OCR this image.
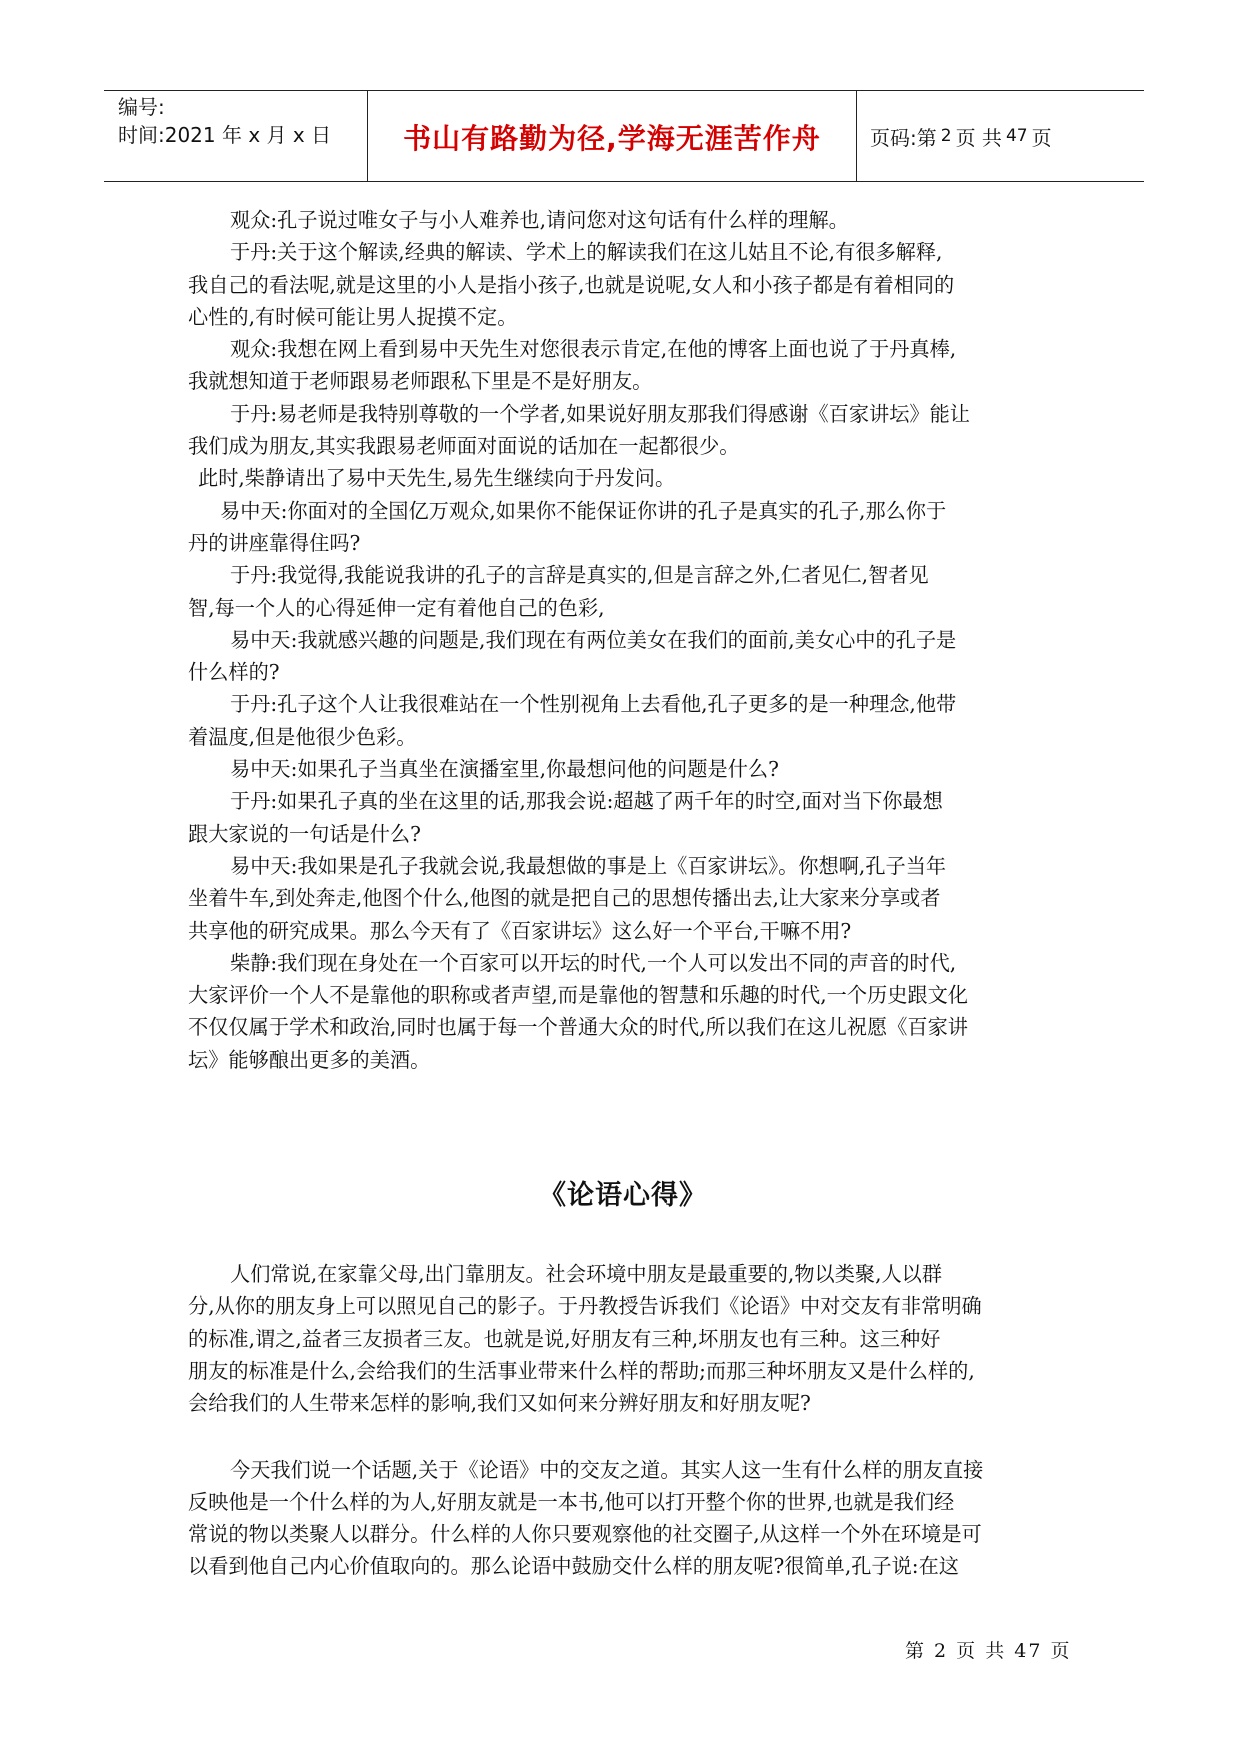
编号:
时间:2021 年 x 月 x 日	书山有路勤为径,学海无涯苦作舟 页码:第 2 页 共 47 页

观众:孔子说过唯女子与小人难养也,请问您对这句话有什么样的理解。

于丹:关于这个解读,经典的解读、学术上的解读我们在这儿姑且不论,有很多解释,

我自己的看法呢,就是这里的小人是指小孩子,也就是说呢,女人和小孩子都是有着相同的

心性的,有时候可能让男人捉摸不定。

观众:我想在网上看到易中天先生对您很表示肯定,在他的博客上面也说了于丹真棒,

我就想知道于老师跟易老师跟私下里是不是好朋友。

于丹:易老师是我特别尊敬的一个学者,如果说好朋友那我们得感谢《百家讲坛》能让

我们成为朋友,其实我跟易老师面对面说的话加在一起都很少。

此时,柴静请出了易中天先生,易先生继续向于丹发问。

易中天:你面对的全国亿万观众,如果你不能保证你讲的孔子是真实的孔子,那么你于

丹的讲座靠得住吗?

于丹:我觉得,我能说我讲的孔子的言辞是真实的,但是言辞之外,仁者见仁,智者见

智,每一个人的心得延伸一定有着他自己的色彩,

易中天:我就感兴趣的问题是,我们现在有两位美女在我们的面前,美女心中的孔子是

什么样的?

于丹:孔子这个人让我很难站在一个性别视角上去看他,孔子更多的是一种理念,他带

着温度,但是他很少色彩。

易中天:如果孔子当真坐在演播室里,你最想问他的问题是什么?

于丹:如果孔子真的坐在这里的话,那我会说:超越了两千年的时空,面对当下你最想

跟大家说的一句话是什么?

易中天:我如果是孔子我就会说,我最想做的事是上《百家讲坛》。你想啊,孔子当年

坐着牛车,到处奔走,他图个什么,他图的就是把自己的思想传播出去,让大家来分享或者

共享他的研究成果。那么今天有了《百家讲坛》这么好一个平台,干嘛不用?

柴静:我们现在身处在一个百家可以开坛的时代,一个人可以发出不同的声音的时代,

大家评价一个人不是靠他的职称或者声望,而是靠他的智慧和乐趣的时代,一个历史跟文化

不仅仅属于学术和政治,同时也属于每一个普通大众的时代,所以我们在这儿祝愿《百家讲

坛》能够酿出更多的美酒。

《论语心得》

人们常说,在家靠父母,出门靠朋友。社会环境中朋友是最重要的,物以类聚,人以群

分,从你的朋友身上可以照见自己的影子。于丹教授告诉我们《论语》中对交友有非常明确

的标准,谓之,益者三友损者三友。也就是说,好朋友有三种,坏朋友也有三种。这三种好

朋友的标准是什么,会给我们的生活事业带来什么样的帮助;而那三种坏朋友又是什么样的,

会给我们的人生带来怎样的影响,我们又如何来分辨好朋友和好朋友呢?

今天我们说一个话题,关于《论语》中的交友之道。其实人这一生有什么样的朋友直接

反映他是一个什么样的为人,好朋友就是一本书,他可以打开整个你的世界,也就是我们经

常说的物以类聚人以群分。什么样的人你只要观察他的社交圈子,从这样一个外在环境是可

以看到他自己内心价值取向的。那么论语中鼓励交什么样的朋友呢?很简单,孔子说:在这

第 2 页 共 47 页
